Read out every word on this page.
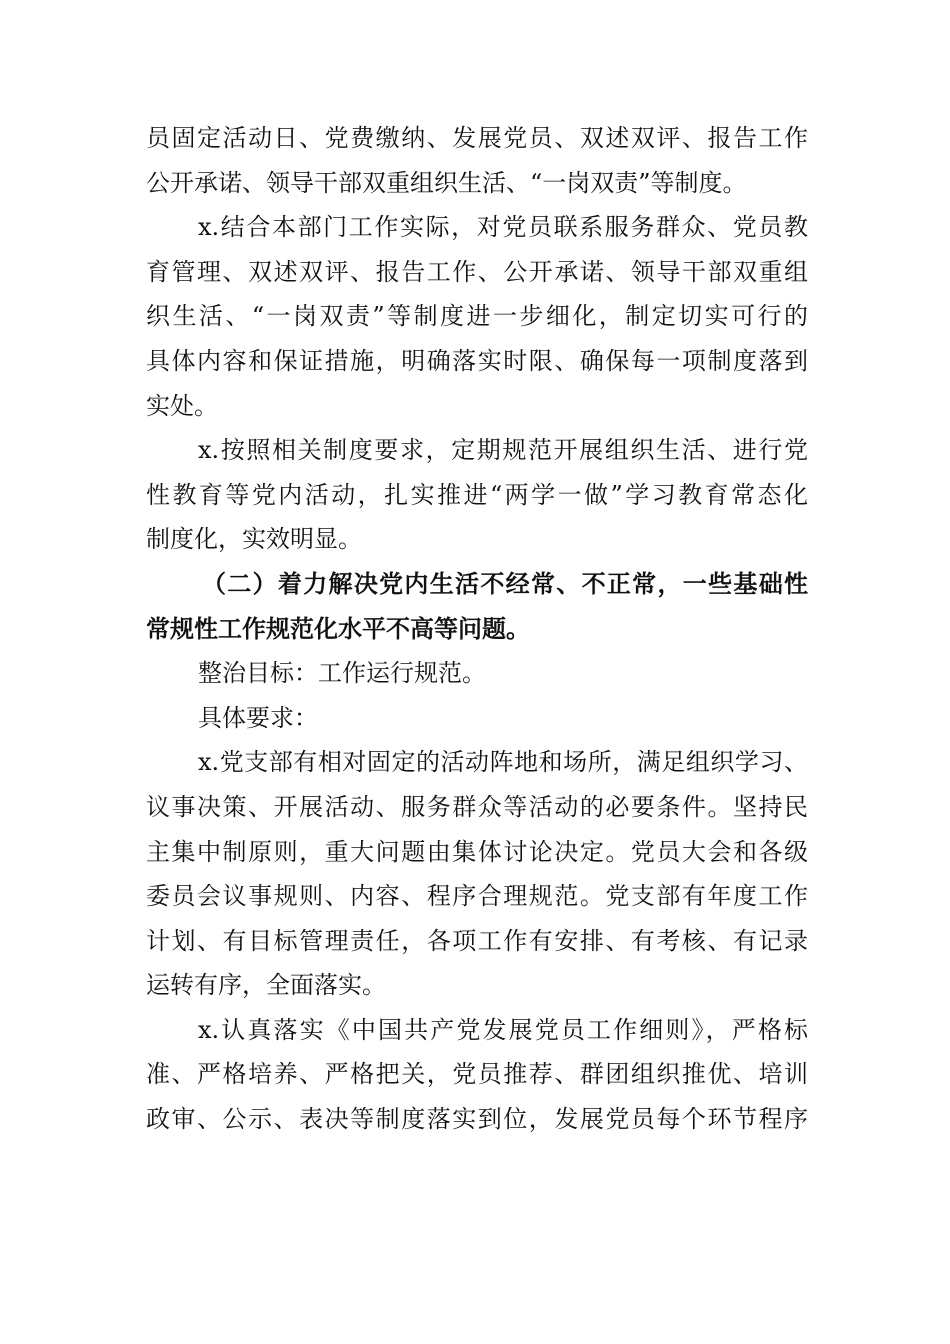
员固定活动日、党费缴纳、发展党员、双述双评、报告工作
公开承诺、领导干部双重组织生活、“一岗双责”等制度。
x.结合本部门工作实际，对党员联系服务群众、党员教
育管理、双述双评、报告工作、公开承诺、领导干部双重组
织生活、“一岗双责”等制度进一步细化，制定切实可行的
具体内容和保证措施，明确落实时限、确保每一项制度落到
实处。
x.按照相关制度要求，定期规范开展组织生活、进行党
性教育等党内活动，扎实推进“两学一做”学习教育常态化
制度化，实效明显。
（二）着力解决党内生活不经常、不正常，一些基础性
常规性工作规范化水平不高等问题。
整治目标：工作运行规范。
具体要求：
x.党支部有相对固定的活动阵地和场所，满足组织学习、
议事决策、开展活动、服务群众等活动的必要条件。坚持民
主集中制原则，重大问题由集体讨论决定。党员大会和各级
委员会议事规则、内容、程序合理规范。党支部有年度工作
计划、有目标管理责任，各项工作有安排、有考核、有记录
运转有序，全面落实。
x.认真落实《中国共产党发展党员工作细则》，严格标
准、严格培养、严格把关，党员推荐、群团组织推优、培训
政审、公示、表决等制度落实到位，发展党员每个环节程序
